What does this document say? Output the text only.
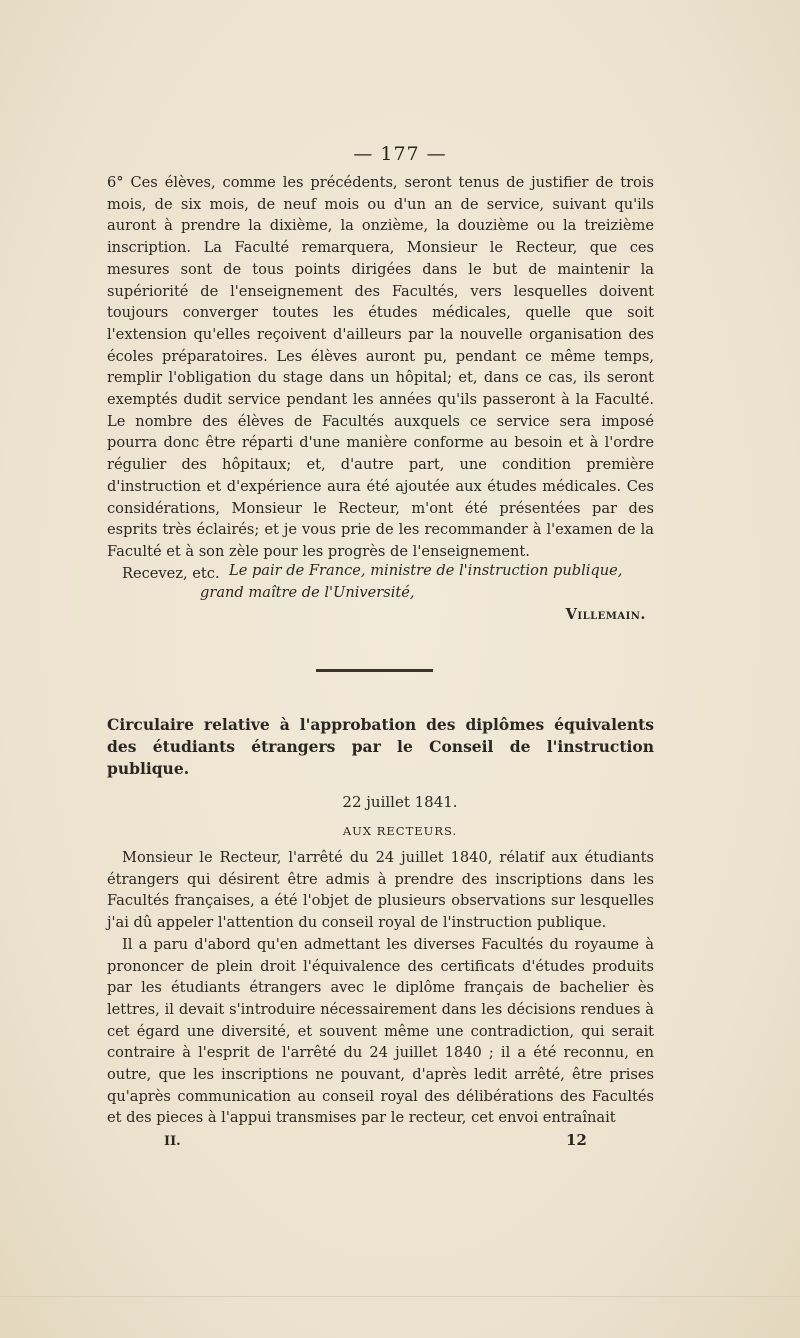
— 177 —

6° Ces élèves, comme les précédents, seront tenus de justifier de trois mois, de six mois, de neuf mois ou d'un an de service, suivant qu'ils auront à prendre la dixième, la onzième, la douzième ou la treizième inscription. La Faculté remarquera, Monsieur le Recteur, que ces mesures sont de tous points dirigées dans le but de maintenir la supériorité de l'enseignement des Facultés, vers lesquelles doivent toujours converger toutes les études médicales, quelle que soit l'extension qu'elles reçoivent d'ailleurs par la nouvelle organisation des écoles préparatoires. Les élèves auront pu, pendant ce même temps, remplir l'obligation du stage dans un hôpital; et, dans ce cas, ils seront exemptés dudit service pendant les années qu'ils passeront à la Faculté. Le nombre des élèves de Facultés auxquels ce service sera imposé pourra donc être réparti d'une manière conforme au besoin et à l'ordre régulier des hôpitaux; et, d'autre part, une condition première d'instruction et d'expérience aura été ajoutée aux études médicales. Ces considérations, Monsieur le Recteur, m'ont été présentées par des esprits très éclairés; et je vous prie de les recommander à l'examen de la Faculté et à son zèle pour les progrès de l'enseignement.

Recevez, etc. Le pair de France, ministre de l'instruction publique,
grand maître de l'Université,
Villemain.

Circulaire relative à l'approbation des diplômes équivalents des étudiants étrangers par le Conseil de l'instruction publique.

22 juillet 1841.
AUX RECTEURS.

Monsieur le Recteur, l'arrêté du 24 juillet 1840, rélatif aux étudiants étrangers qui désirent être admis à prendre des inscriptions dans les Facultés françaises, a été l'objet de plusieurs observations sur lesquelles j'ai dû appeler l'attention du conseil royal de l'instruction publique.

Il a paru d'abord qu'en admettant les diverses Facultés du royaume à prononcer de plein droit l'équivalence des certificats d'études produits par les étudiants étrangers avec le diplôme français de bachelier ès lettres, il devait s'introduire nécessairement dans les décisions rendues à cet égard une diversité, et souvent même une contradiction, qui serait contraire à l'esprit de l'arrêté du 24 juillet 1840 ; il a été reconnu, en outre, que les inscriptions ne pouvant, d'après ledit arrêté, être prises qu'après communication au conseil royal des délibérations des Facultés et des pieces à l'appui transmises par le recteur, cet envoi entraînait

II.	12
